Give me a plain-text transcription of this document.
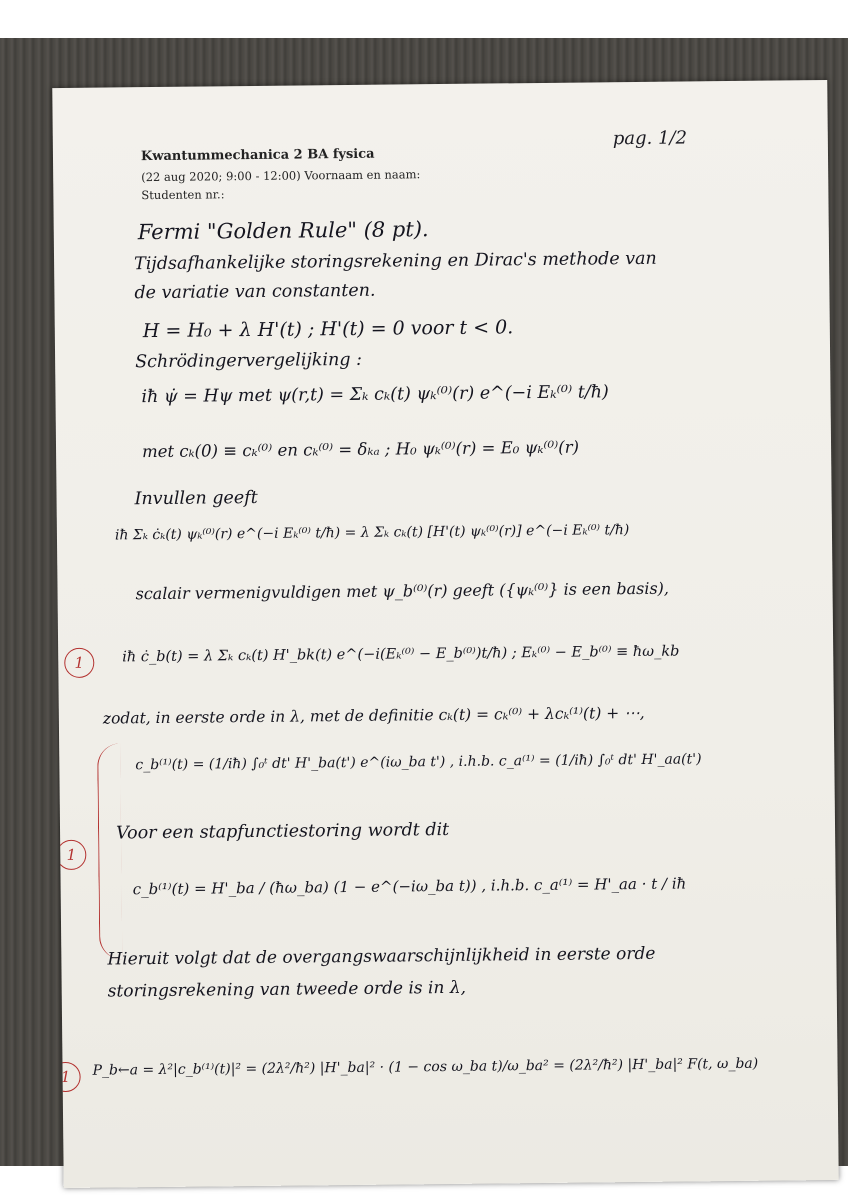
Kwantummechanica 2 BA fysica
(22 aug 2020; 9:00 - 12:00) Voornaam en naam:
Studenten nr.:
pag. 1/2
Fermi "Golden Rule" (8 pt).
Tijdsafhankelijke storingsrekening en Dirac's methode van
de variatie van constanten.
H = H₀ + λ H'(t) ; H'(t) = 0 voor t < 0.
Schrödingervergelijking :
iħ ψ̇ = Hψ met ψ(r,t) = Σₖ cₖ(t) ψₖ⁽⁰⁾(r) e^(−i Eₖ⁽⁰⁾ t/ħ)
met cₖ(0) ≡ cₖ⁽⁰⁾ en cₖ⁽⁰⁾ = δₖₐ ; H₀ ψₖ⁽⁰⁾(r) = E₀ ψₖ⁽⁰⁾(r)
Invullen geeft
iħ Σₖ ċₖ(t) ψₖ⁽⁰⁾(r) e^(−i Eₖ⁽⁰⁾ t/ħ) = λ Σₖ cₖ(t) [H'(t) ψₖ⁽⁰⁾(r)] e^(−i Eₖ⁽⁰⁾ t/ħ)
scalair vermenigvuldigen met ψ_b⁽⁰⁾(r) geeft ({ψₖ⁽⁰⁾} is een basis),
1	iħ ċ_b(t) = λ Σₖ cₖ(t) H'_bk(t) e^(−i(Eₖ⁽⁰⁾ − E_b⁽⁰⁾)t/ħ) ; Eₖ⁽⁰⁾ − E_b⁽⁰⁾ ≡ ħω_kb
zodat, in eerste orde in λ, met de definitie cₖ(t) = cₖ⁽⁰⁾ + λcₖ⁽¹⁾(t) + ⋯,
c_b⁽¹⁾(t) = (1/iħ) ∫₀ᵗ dt' H'_ba(t') e^(iω_ba t') , i.h.b. c_a⁽¹⁾ = (1/iħ) ∫₀ᵗ dt' H'_aa(t')
1
Voor een stapfunctiestoring wordt dit
c_b⁽¹⁾(t) = H'_ba / (ħω_ba) (1 − e^(−iω_ba t)) , i.h.b. c_a⁽¹⁾ = H'_aa · t / iħ
Hieruit volgt dat de overgangswaarschijnlijkheid in eerste orde
storingsrekening van tweede orde is in λ,
1	P_b←a = λ²|c_b⁽¹⁾(t)|² = (2λ²/ħ²) |H'_ba|² · (1 − cos ω_ba t)/ω_ba² = (2λ²/ħ²) |H'_ba|² F(t, ω_ba)
